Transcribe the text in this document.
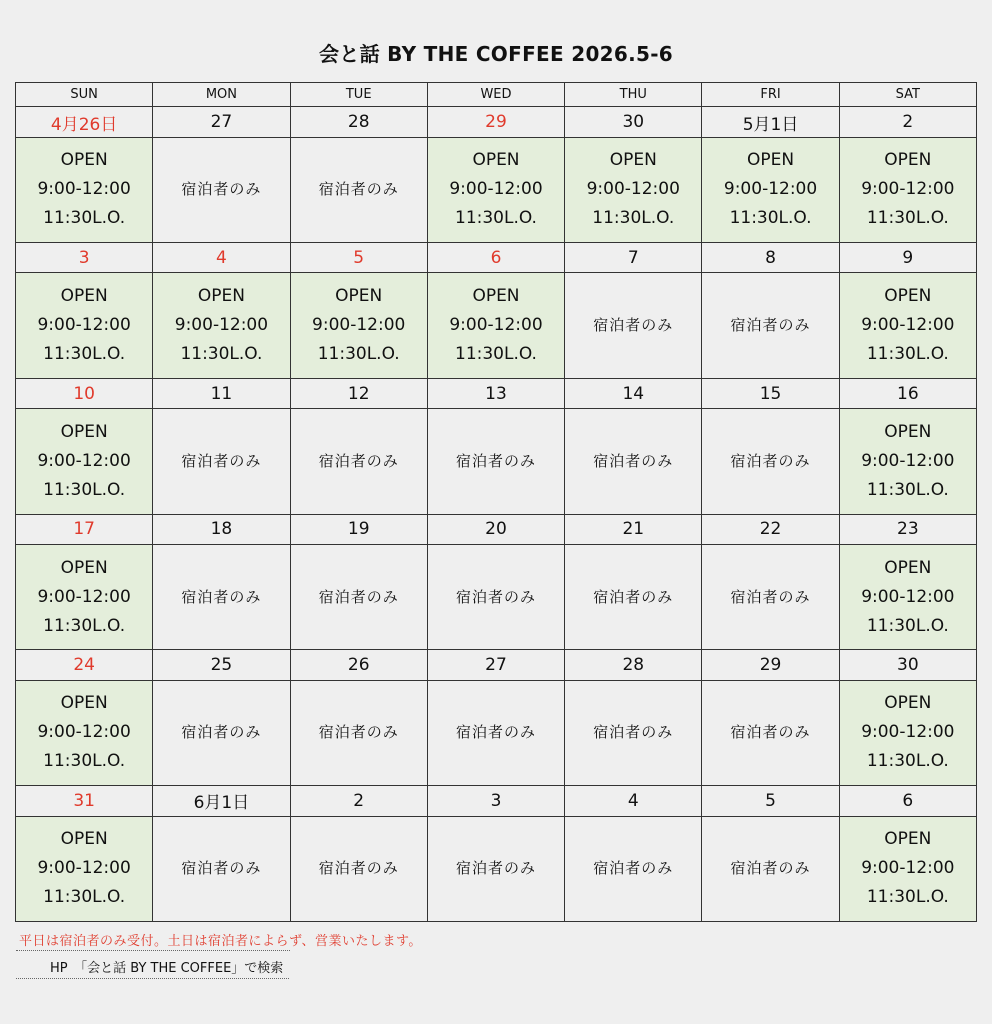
会と話 BY THE COFFEE 2026.5-6
SUN	MON	TUE	WED	THU	FRI	SAT
4月26日	27	28	29	30	5月1日	2

OPEN
9:00-12:00
11:30L.O.	宿泊者のみ	宿泊者のみ	OPEN
9:00-12:00
11:30L.O.	OPEN
9:00-12:00
11:30L.O.	OPEN
9:00-12:00
11:30L.O.	OPEN
9:00-12:00
11:30L.O.

3	4	5	6	7	8	9

OPEN
9:00-12:00
11:30L.O.	OPEN
9:00-12:00
11:30L.O.	OPEN
9:00-12:00
11:30L.O.	OPEN
9:00-12:00
11:30L.O.	宿泊者のみ	宿泊者のみ	OPEN
9:00-12:00
11:30L.O.

10	11	12	13	14	15	16

OPEN
9:00-12:00
11:30L.O.	宿泊者のみ	宿泊者のみ	宿泊者のみ	宿泊者のみ	宿泊者のみ	OPEN
9:00-12:00
11:30L.O.

17	18	19	20	21	22	23

OPEN
9:00-12:00
11:30L.O.	宿泊者のみ	宿泊者のみ	宿泊者のみ	宿泊者のみ	宿泊者のみ	OPEN
9:00-12:00
11:30L.O.

24	25	26	27	28	29	30

OPEN
9:00-12:00
11:30L.O.	宿泊者のみ	宿泊者のみ	宿泊者のみ	宿泊者のみ	宿泊者のみ	OPEN
9:00-12:00
11:30L.O.

31	6月1日	2	3	4	5	6

OPEN
9:00-12:00
11:30L.O.	宿泊者のみ	宿泊者のみ	宿泊者のみ	宿泊者のみ	宿泊者のみ	OPEN
9:00-12:00
11:30L.O.
平日は宿泊者のみ受付。土日は宿泊者によらず、営業いたします。
HP　「会と話 BY THE COFFEE」で検索
